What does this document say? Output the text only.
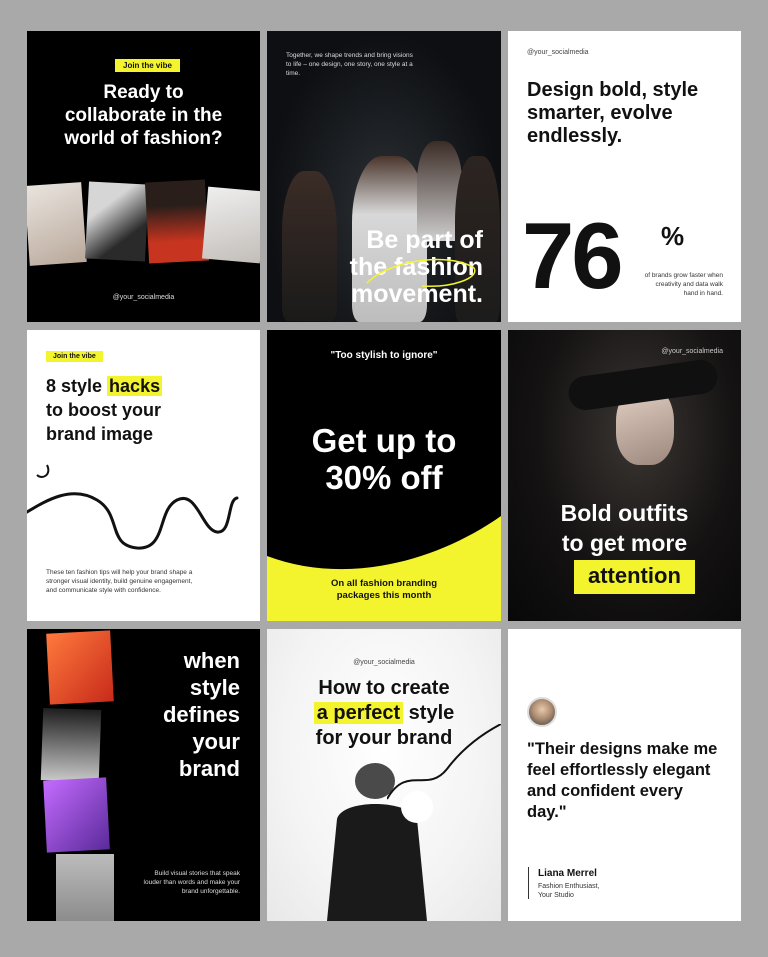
Join the vibe
Ready to
collaborate in the
world of fashion?
@your_socialmedia
Together, we shape trends and bring visions to life – one design, one story, one style at a time.
Be part of
the fashion
movement.
@your_socialmedia
Design bold, style
smarter, evolve
endlessly.
76 %
of brands grow faster when creativity and data walk hand in hand.
Join the vibe
8 style hacks
to boost your
brand image
These ten fashion tips will help your brand shape a stronger visual identity, build genuine engagement, and communicate style with confidence.
"Too stylish to ignore"
Get up to
30% off
On all fashion branding
packages this month
@your_socialmedia
Bold outfits
to get more
attention
when
style
defines
your
brand
Build visual stories that speak louder than words and make your brand unforgettable.
@your_socialmedia
How to create
a perfect style
for your brand	"Their designs make me feel effortlessly elegant and confident every day."
Liana Merrel
Fashion Enthusiast,
Your Studio
